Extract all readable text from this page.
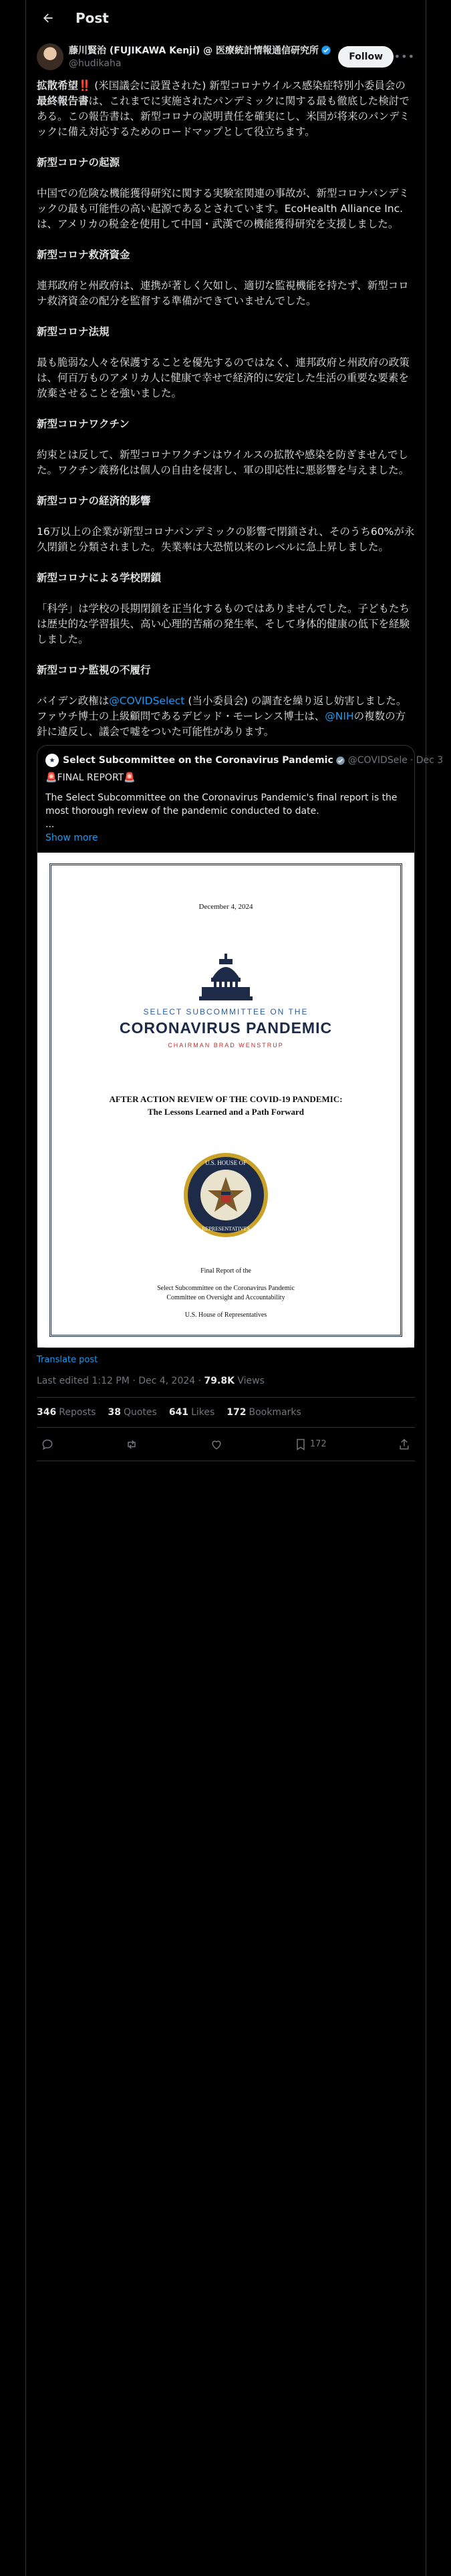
Post
藤川賢治 (FUJIKAWA Kenji) @ 医療統計情報通信研究所
@hudikaha
Follow	•••

拡散希望‼️ (米国議会に設置された) 新型コロナウイルス感染症特別小委員会の最終報告書は、これまでに実施されたパンデミックに関する最も徹底した検討である。この報告書は、新型コロナの説明責任を確実にし、米国が将来のパンデミックに備え対応するためのロードマップとして役立ちます。

新型コロナの起源

中国での危険な機能獲得研究に関する実験室関連の事故が、新型コロナパンデミックの最も可能性の高い起源であるとされています。EcoHealth Alliance Inc.は、アメリカの税金を使用して中国・武漢での機能獲得研究を支援しました。

新型コロナ救済資金

連邦政府と州政府は、連携が著しく欠如し、適切な監視機能を持たず、新型コロナ救済資金の配分を監督する準備ができていませんでした。

新型コロナ法規

最も脆弱な人々を保護することを優先するのではなく、連邦政府と州政府の政策は、何百万ものアメリカ人に健康で幸せで経済的に安定した生活の重要な要素を放棄させることを強いました。

新型コロナワクチン

約束とは反して、新型コロナワクチンはウイルスの拡散や感染を防ぎませんでした。ワクチン義務化は個人の自由を侵害し、軍の即応性に悪影響を与えました。

新型コロナの経済的影響

16万以上の企業が新型コロナパンデミックの影響で閉鎖され、そのうち60%が永久閉鎖と分類されました。失業率は大恐慌以来のレベルに急上昇しました。

新型コロナによる学校閉鎖

「科学」は学校の長期閉鎖を正当化するものではありませんでした。子どもたちは歴史的な学習損失、高い心理的苦痛の発生率、そして身体的健康の低下を経験しました。

新型コロナ監視の不履行

バイデン政権は@COVIDSelect (当小委員会) の調査を繰り返し妨害しました。ファウチ博士の上級顧問であるデビッド・モーレンス博士は、@NIHの複数の方針に違反し、議会で嘘をついた可能性があります。

★ Select Subcommittee on the Coronavirus Pandemic @COVIDSele · Dec 3
🚨FINAL REPORT🚨
The Select Subcommittee on the Coronavirus Pandemic's final report is the most thorough review of the pandemic conducted to date.
...
Show more
December 4, 2024
SELECT SUBCOMMITTEE ON THE
CORONAVIRUS PANDEMIC
CHAIRMAN BRAD WENSTRUP
AFTER ACTION REVIEW OF THE COVID-19 PANDEMIC:
The Lessons Learned and a Path Forward
U.S. HOUSE OF
REPRESENTATIVES
Final Report of the
Select Subcommittee on the Coronavirus Pandemic
Committee on Oversight and Accountability
U.S. House of Representatives
Translate post
Last edited 1:12 PM · Dec 4, 2024 · 79.8K Views
346 Reposts 38 Quotes 641 Likes 172 Bookmarks
172
